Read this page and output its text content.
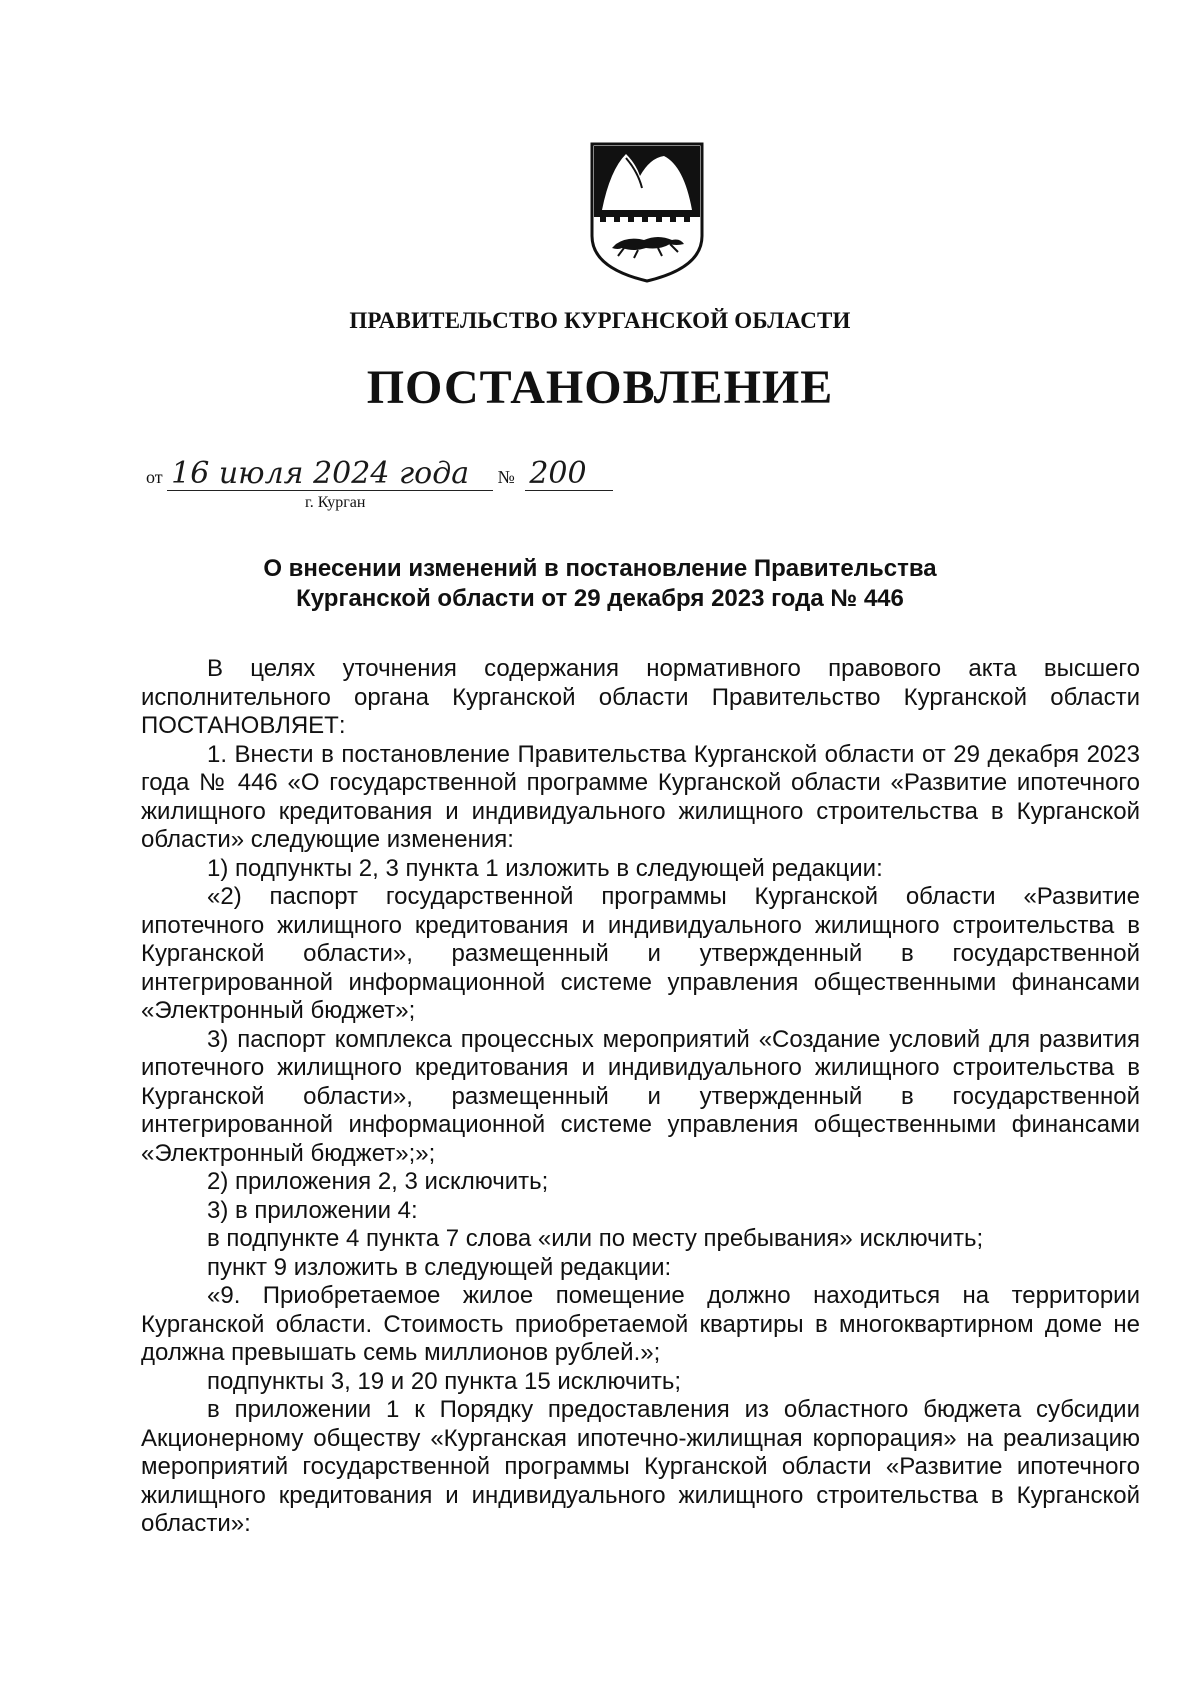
ПРАВИТЕЛЬСТВО КУРГАНСКОЙ ОБЛАСТИ
ПОСТАНОВЛЕНИЕ
от 16 июля 2024 года № 200
г. Курган
О внесении изменений в постановление Правительства
Курганской области от 29 декабря 2023 года № 446

В целях уточнения содержания нормативного правового акта высшего исполнительного органа Курганской области Правительство Курганской области ПОСТАНОВЛЯЕТ:

1. Внести в постановление Правительства Курганской области от 29 декабря 2023 года № 446 «О государственной программе Курганской области «Развитие ипотечного жилищного кредитования и индивидуального жилищного строительства в Курганской области» следующие изменения:

1) подпункты 2, 3 пункта 1 изложить в следующей редакции:

«2) паспорт государственной программы Курганской области «Развитие ипотечного жилищного кредитования и индивидуального жилищного строительства в Курганской области», размещенный и утвержденный в государственной интегрированной информационной системе управления общественными финансами «Электронный бюджет»;

3) паспорт комплекса процессных мероприятий «Создание условий для развития ипотечного жилищного кредитования и индивидуального жилищного строительства в Курганской области», размещенный и утвержденный в государственной интегрированной информационной системе управления общественными финансами «Электронный бюджет»;»;

2) приложения 2, 3 исключить;

3) в приложении 4:

в подпункте 4 пункта 7 слова «или по месту пребывания» исключить;

пункт 9 изложить в следующей редакции:

«9. Приобретаемое жилое помещение должно находиться на территории Курганской области. Стоимость приобретаемой квартиры в многоквартирном доме не должна превышать семь миллионов рублей.»;

подпункты 3, 19 и 20 пункта 15 исключить;

в приложении 1 к Порядку предоставления из областного бюджета субсидии Акционерному обществу «Курганская ипотечно-жилищная корпорация» на реализацию мероприятий государственной программы Курганской области «Развитие ипотечного жилищного кредитования и индивидуального жилищного строительства в Курганской области»:
